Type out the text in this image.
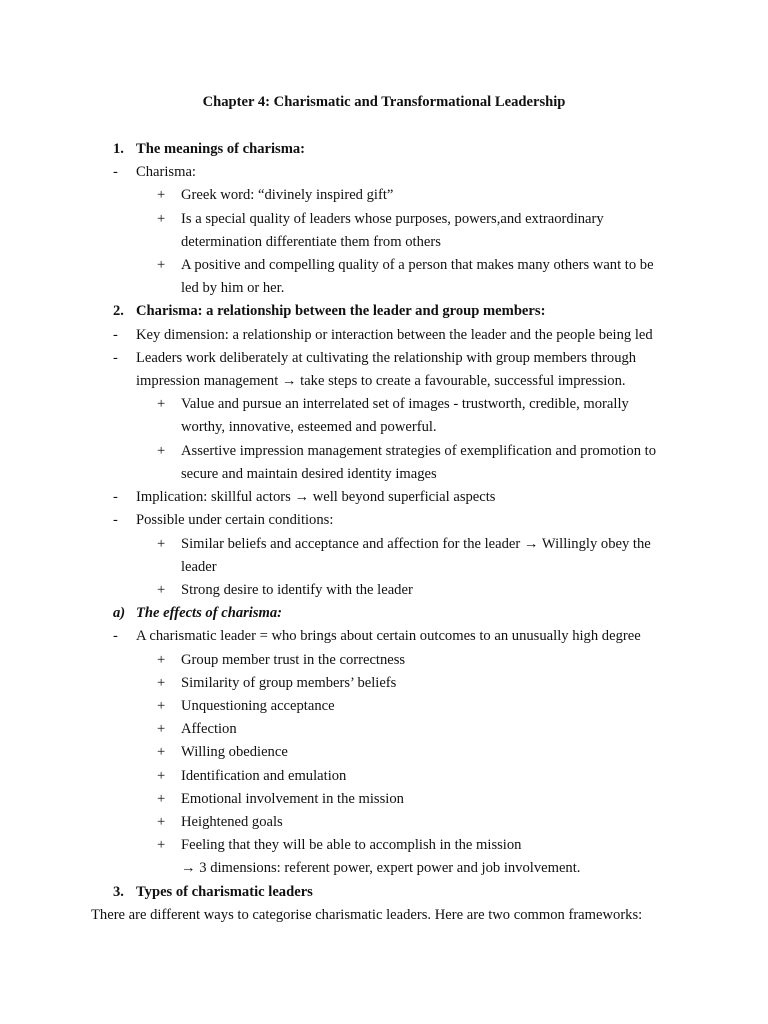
Chapter 4: Charismatic and Transformational Leadership
1. The meanings of charisma:
- Charisma:
+ Greek word: “divinely inspired gift”
+ Is a special quality of leaders whose purposes, powers,and extraordinary
determination differentiate them from others
+ A positive and compelling quality of a person that makes many others want to be
led by him or her.
2. Charisma: a relationship between the leader and group members:
- Key dimension: a relationship or interaction between the leader and the people being led
- Leaders work deliberately at cultivating the relationship with group members through
impression management → take steps to create a favourable, successful impression.
+ Value and pursue an interrelated set of images - trustworth, credible, morally
worthy, innovative, esteemed and powerful.
+ Assertive impression management strategies of exemplification and promotion to
secure and maintain desired identity images
- Implication: skillful actors → well beyond superficial aspects
- Possible under certain conditions:
+ Similar beliefs and acceptance and affection for the leader → Willingly obey the
leader
+ Strong desire to identify with the leader
a) The effects of charisma:
- A charismatic leader = who brings about certain outcomes to an unusually high degree
+ Group member trust in the correctness
+ Similarity of group members’ beliefs
+ Unquestioning acceptance
+ Affection
+ Willing obedience
+ Identification and emulation
+ Emotional involvement in the mission
+ Heightened goals
+ Feeling that they will be able to accomplish in the mission
→ 3 dimensions: referent power, expert power and job involvement.
3. Types of charismatic leaders
There are different ways to categorise charismatic leaders. Here are two common frameworks:
